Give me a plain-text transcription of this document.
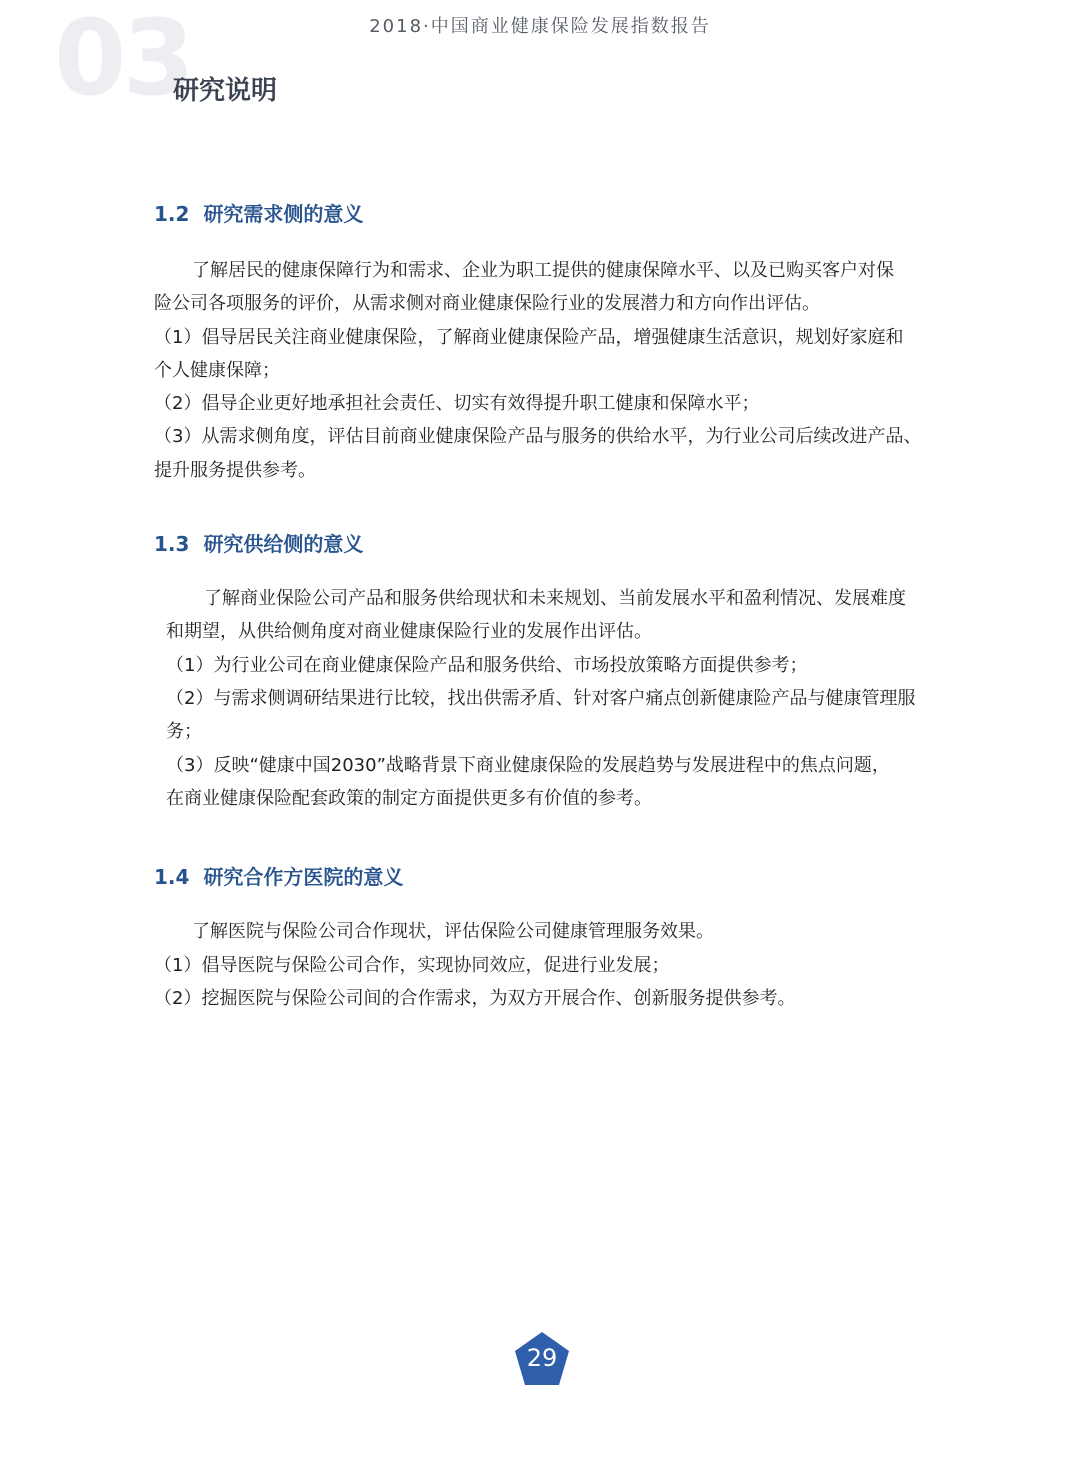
2018·中国商业健康保险发展指数报告
03
研究说明
1.2 研究需求侧的意义
了解居民的健康保障行为和需求、企业为职工提供的健康保障水平、以及已购买客户对保
险公司各项服务的评价，从需求侧对商业健康保险行业的发展潜力和方向作出评估。
（1）倡导居民关注商业健康保险，了解商业健康保险产品，增强健康生活意识，规划好家庭和
个人健康保障；
（2）倡导企业更好地承担社会责任、切实有效得提升职工健康和保障水平；
（3）从需求侧角度，评估目前商业健康保险产品与服务的供给水平，为行业公司后续改进产品、
提升服务提供参考。
1.3 研究供给侧的意义
了解商业保险公司产品和服务供给现状和未来规划、当前发展水平和盈利情况、发展难度
和期望，从供给侧角度对商业健康保险行业的发展作出评估。
（1）为行业公司在商业健康保险产品和服务供给、市场投放策略方面提供参考；
（2）与需求侧调研结果进行比较，找出供需矛盾、针对客户痛点创新健康险产品与健康管理服
务；
（3）反映“健康中国2030”战略背景下商业健康保险的发展趋势与发展进程中的焦点问题，
在商业健康保险配套政策的制定方面提供更多有价值的参考。
1.4 研究合作方医院的意义
了解医院与保险公司合作现状，评估保险公司健康管理服务效果。
（1）倡导医院与保险公司合作，实现协同效应，促进行业发展；
（2）挖掘医院与保险公司间的合作需求，为双方开展合作、创新服务提供参考。
29
